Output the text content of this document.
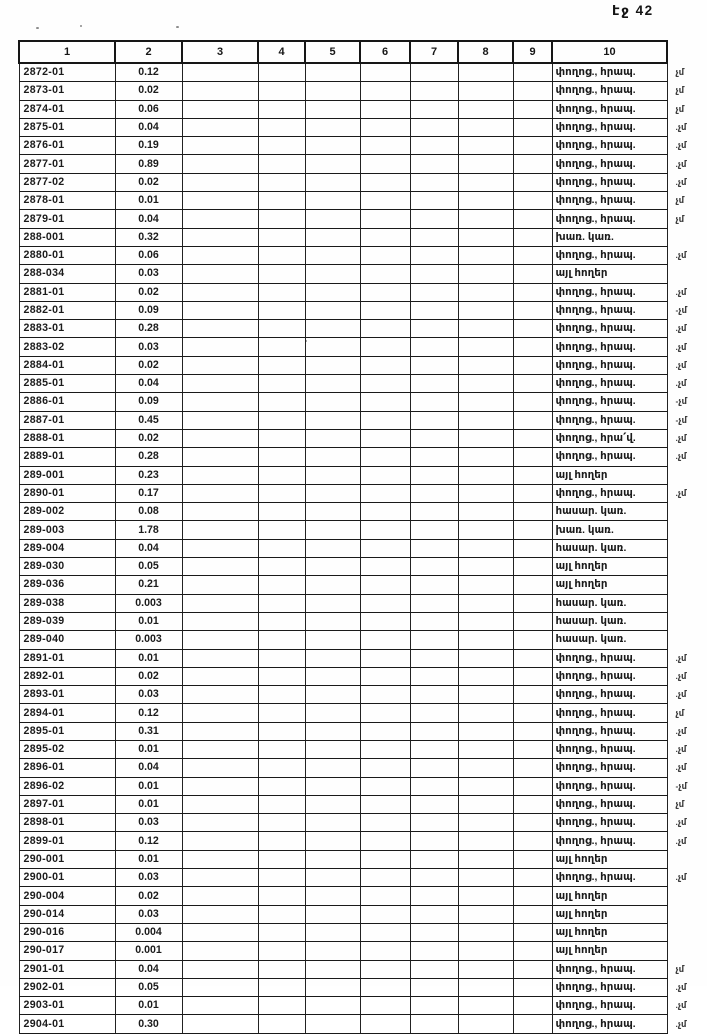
էջ 42
1	2	3	4	5	6	7	8	9	10	
2872-01	0.12								փողոց., հրապ.	չմ
2873-01	0.02								փողոց., հրապ.	չմ
2874-01	0.06								փողոց., հրապ.	չմ
2875-01	0.04								փողոց., հրապ.	.չմ
2876-01	0.19								փողոց., հրապ.	.չմ
2877-01	0.89								փողոց., հրապ.	.չմ
2877-02	0.02								փողոց., հրապ.	.չմ
2878-01	0.01								փողոց., հրապ.	չմ
2879-01	0.04								փողոց., հրապ.	չմ
288-001	0.32								խառ. կառ.	
2880-01	0.06								փողոց., հրապ.	.չմ
288-034	0.03								այլ հողեր	
2881-01	0.02								փողոց., հրապ.	.չմ
2882-01	0.09								փողոց., հրապ.	-չմ
2883-01	0.28								փողոց., հրապ.	.չմ
2883-02	0.03								փողոց., հրապ.	.չմ
2884-01	0.02								փողոց., հրապ.	.չմ
2885-01	0.04								փողոց., հրապ.	.չմ
2886-01	0.09								փողոց., հրապ.	-չմ
2887-01	0.45								փողոց., հրապ.	-չմ
2888-01	0.02								փողոց., հրա՛վ.	.չմ
2889-01	0.28								փողոց., հրապ.	.չմ
289-001	0.23								այլ հողեր	
2890-01	0.17								փողոց., հրապ.	.չմ
289-002	0.08								հասար. կառ.	
289-003	1.78								խառ. կառ.	
289-004	0.04								հասար. կառ.	
289-030	0.05								այլ հողեր	
289-036	0.21								այլ հողեր	
289-038	0.003								հասար. կառ.	
289-039	0.01								հասար. կառ.	
289-040	0.003								հասար. կառ.	
2891-01	0.01								փողոց., հրապ.	.չմ
2892-01	0.02								փողոց., հրապ.	.չմ
2893-01	0.03								փողոց., հրապ.	.չմ
2894-01	0.12								փողոց., հրապ.	չմ
2895-01	0.31								փողոց., հրապ.	.չմ
2895-02	0.01								փողոց., հրապ.	.չմ
2896-01	0.04								փողոց., հրապ.	.չմ
2896-02	0.01								փողոց., հրապ.	-չմ
2897-01	0.01								փողոց., հրապ.	չմ
2898-01	0.03								փողոց., հրապ.	.չմ
2899-01	0.12								փողոց., հրապ.	.չմ
290-001	0.01								այլ հողեր	
2900-01	0.03								փողոց., հրապ.	.չմ
290-004	0.02								այլ հողեր	
290-014	0.03								այլ հողեր	
290-016	0.004								այլ հողեր	
290-017	0.001								այլ հողեր	
2901-01	0.04								փողոց., հրապ.	չմ
2902-01	0.05								փողոց., հրապ.	.չմ
2903-01	0.01								փողոց., հրապ.	.չմ
2904-01	0.30								փողոց., հրապ.	.չմ
